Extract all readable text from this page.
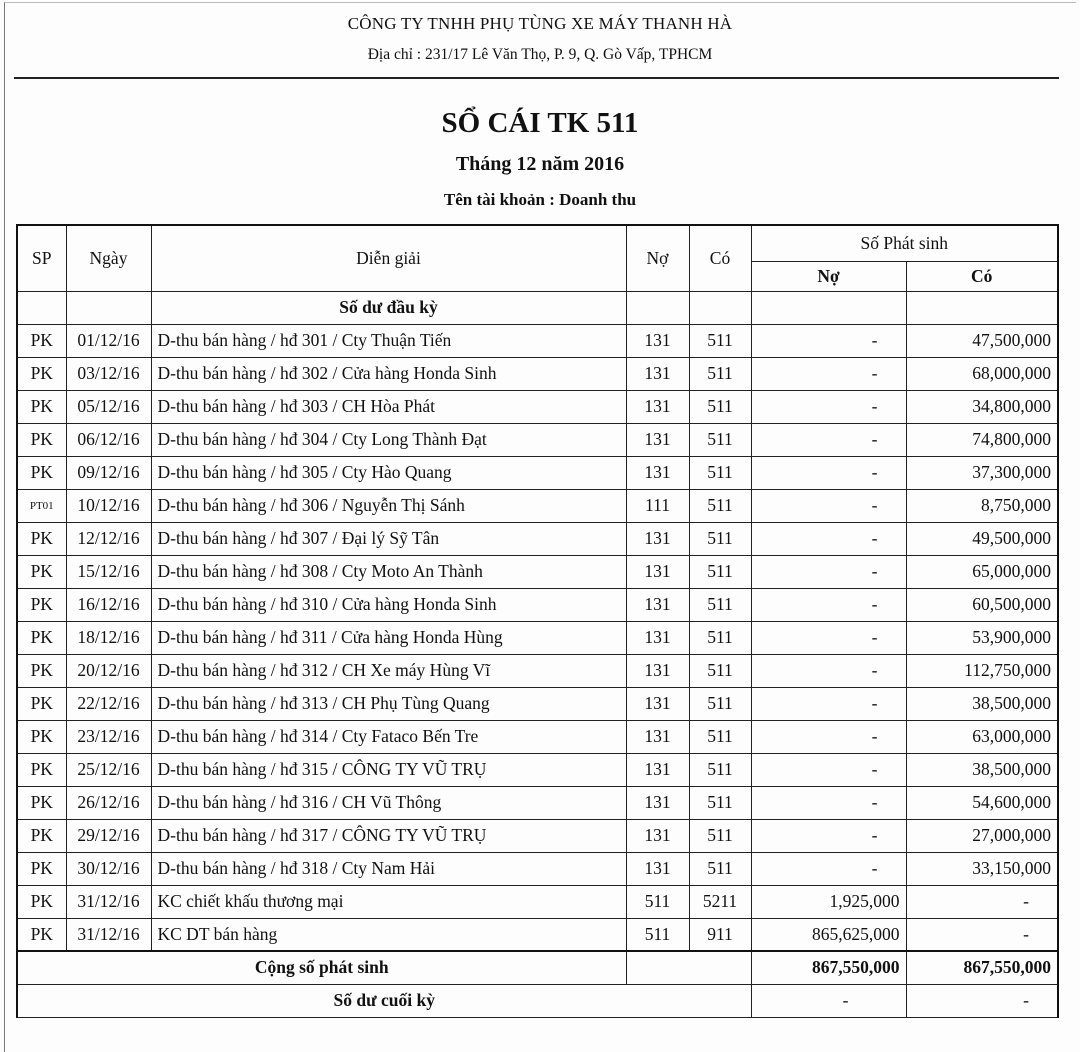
CÔNG TY TNHH PHỤ TÙNG XE MÁY THANH HÀ
Địa chỉ : 231/17 Lê Văn Thọ, P. 9, Q. Gò Vấp, TPHCM
SỔ CÁI TK 511
Tháng 12 năm 2016
Tên tài khoản : Doanh thu
SP	Ngày	Diễn giải	Nợ	Có	Số Phát sinh	
					Nợ	Có
		Số dư đầu kỳ				
PK	01/12/16	D-thu bán hàng / hđ 301 / Cty Thuận Tiến	131	511	-	47,500,000
PK	03/12/16	D-thu bán hàng / hđ 302 / Cửa hàng Honda Sinh	131	511	-	68,000,000
PK	05/12/16	D-thu bán hàng / hđ 303 / CH Hòa Phát	131	511	-	34,800,000
PK	06/12/16	D-thu bán hàng / hđ 304 / Cty Long Thành Đạt	131	511	-	74,800,000
PK	09/12/16	D-thu bán hàng / hđ 305 / Cty Hào Quang	131	511	-	37,300,000
PT01	10/12/16	D-thu bán hàng / hđ 306 / Nguyễn Thị Sánh	111	511	-	8,750,000
PK	12/12/16	D-thu bán hàng / hđ 307 / Đại lý Sỹ Tân	131	511	-	49,500,000
PK	15/12/16	D-thu bán hàng / hđ 308 / Cty Moto An Thành	131	511	-	65,000,000
PK	16/12/16	D-thu bán hàng / hđ 310 / Cửa hàng Honda Sinh	131	511	-	60,500,000
PK	18/12/16	D-thu bán hàng / hđ 311 / Cửa hàng Honda Hùng	131	511	-	53,900,000
PK	20/12/16	D-thu bán hàng / hđ 312 / CH Xe máy Hùng Vĩ	131	511	-	112,750,000
PK	22/12/16	D-thu bán hàng / hđ 313 / CH Phụ Tùng Quang	131	511	-	38,500,000
PK	23/12/16	D-thu bán hàng / hđ 314 / Cty Fataco Bến Tre	131	511	-	63,000,000
PK	25/12/16	D-thu bán hàng / hđ 315 / CÔNG TY VŨ TRỤ	131	511	-	38,500,000
PK	26/12/16	D-thu bán hàng / hđ 316 / CH Vũ Thông	131	511	-	54,600,000
PK	29/12/16	D-thu bán hàng / hđ 317 / CÔNG TY VŨ TRỤ	131	511	-	27,000,000
PK	30/12/16	D-thu bán hàng / hđ 318 / Cty Nam Hải	131	511	-	33,150,000
PK	31/12/16	KC chiết khấu thương mại	511	5211	1,925,000	-
PK	31/12/16	KC DT bán hàng	511	911	865,625,000	-
Cộng số phát sinh					867,550,000	867,550,000
Số dư cuối kỳ					-	-
